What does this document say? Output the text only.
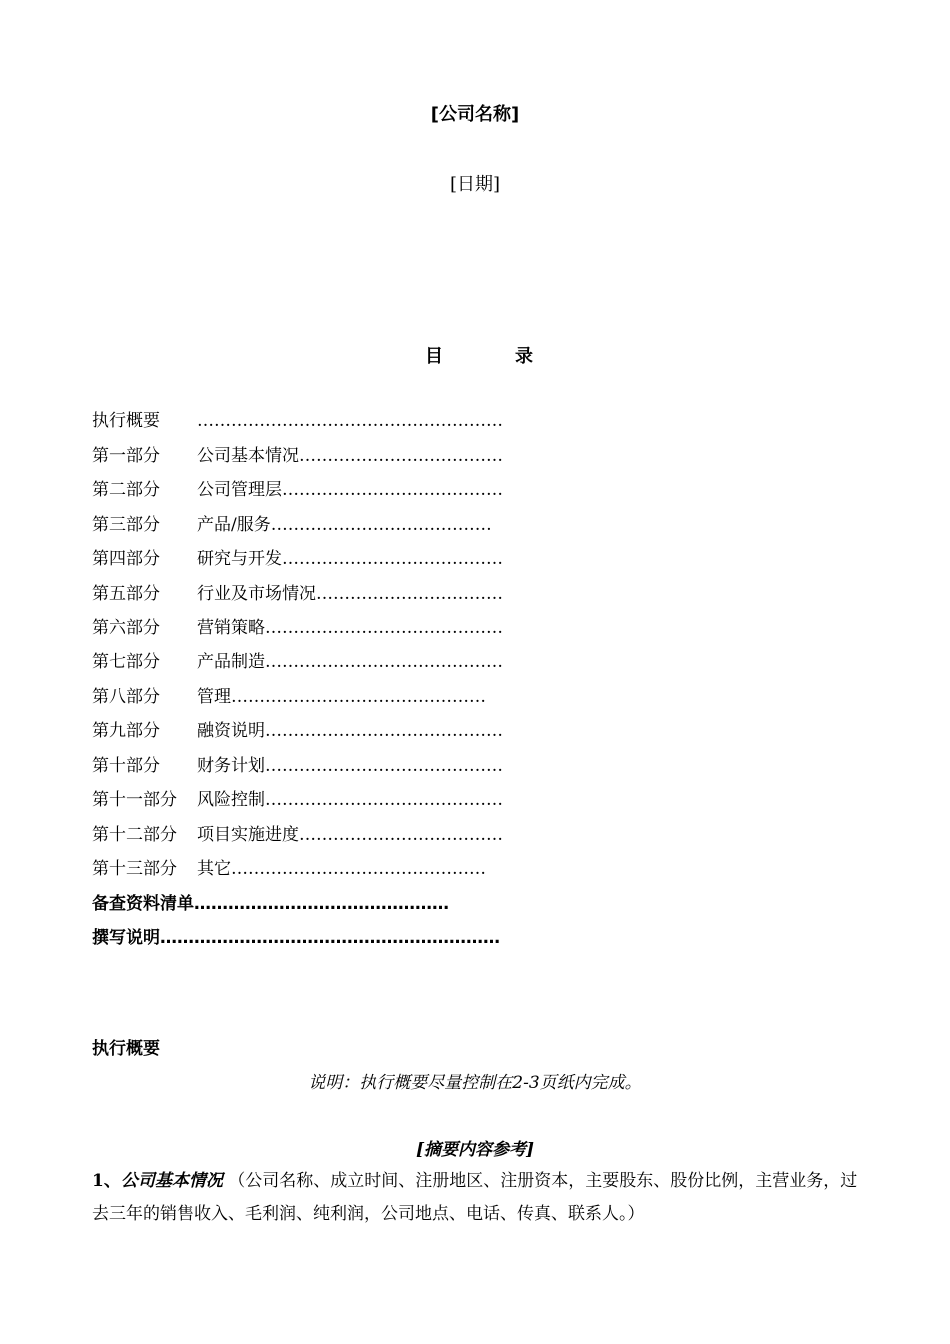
[公司名称]
[日期]
目	录
执行概要 ………………………………………………
第一部分 公司基本情况………………………………
第二部分 公司管理层…………………………………
第三部分 产品/服务…………………………………
第四部分 研究与开发…………………………………
第五部分 行业及市场情况……………………………
第六部分 营销策略……………………………………
第七部分 产品制造……………………………………
第八部分 管理………………………………………
第九部分 融资说明……………………………………
第十部分 财务计划……………………………………
第十一部分 风险控制……………………………………
第十二部分 项目实施进度………………………………
第十三部分 其它………………………………………
备查资料清单………………………………………
撰写说明……………………………………………………
执行概要
说明：执行概要尽量控制在2-3页纸内完成。
[摘要内容参考]
1、公司基本情况 （公司名称、成立时间、注册地区、注册资本，主要股东、股份比例，主营业务，过去三年的销售收入、毛利润、纯利润，公司地点、电话、传真、联系人。）
